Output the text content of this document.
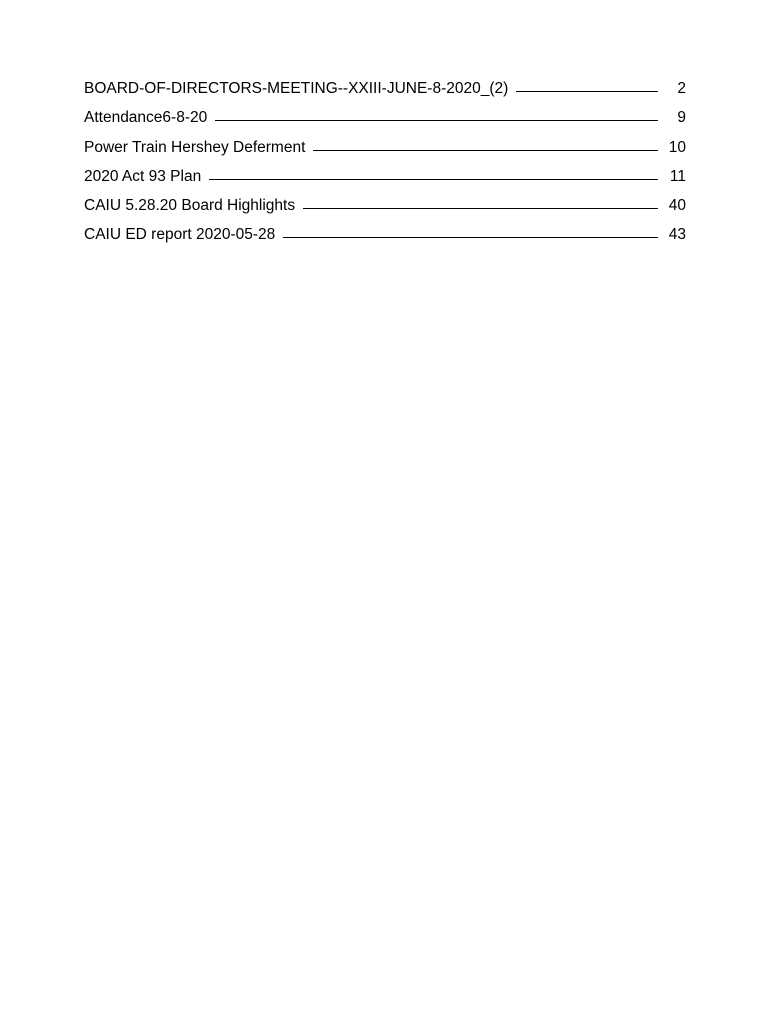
BOARD-OF-DIRECTORS-MEETING--XXIII-JUNE-8-2020_(2)	2
Attendance6-8-20	9
Power Train Hershey Deferment	10
2020 Act 93 Plan	11
CAIU 5.28.20 Board Highlights	40
CAIU ED report 2020-05-28	43
